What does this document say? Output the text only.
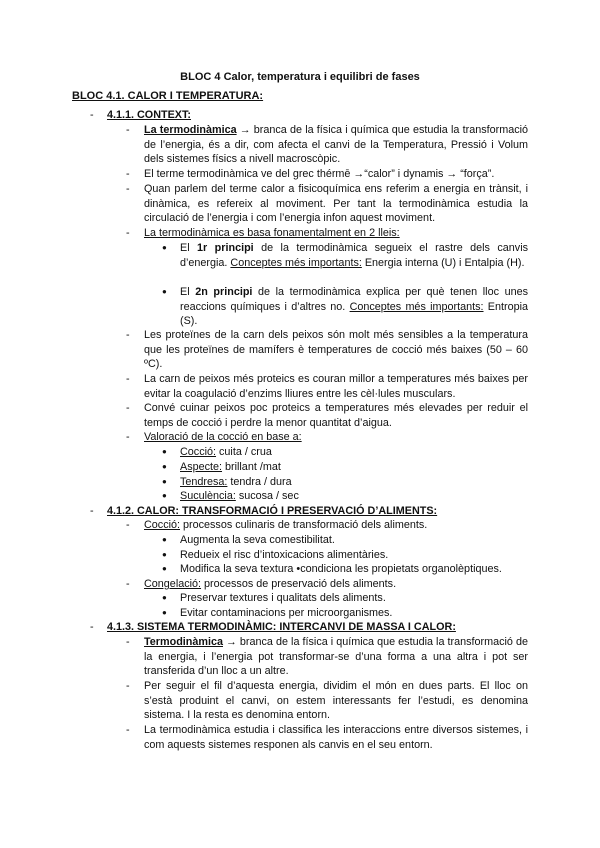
BLOC 4 Calor, temperatura i equilibri de fases
BLOC 4.1. CALOR I TEMPERATURA:
- 4.1.1. CONTEXT:
- La termodinàmica → branca de la física i química que estudia la transformació de l’energia, és a dir, com afecta el canvi de la Temperatura, Pressió i Volum dels sistemes físics a nivell macroscòpic.
- El terme termodinàmica ve del grec thérmē →“calor” i dynamis → “força”.
- Quan parlem del terme calor a fisicoquímica ens referim a energia en trànsit, i dinàmica, es refereix al moviment. Per tant la termodinàmica estudia la circulació de l’energia i com l’energia infon aquest moviment.
- La termodinàmica es basa fonamentalment en 2 lleis:
● El 1r principi de la termodinàmica segueix el rastre dels canvis d’energia. Conceptes més importants: Energia interna (U) i Entalpia (H).
● El 2n principi de la termodinàmica explica per què tenen lloc unes reaccions químiques i d’altres no. Conceptes més importants: Entropia (S).
- Les proteïnes de la carn dels peixos són molt més sensibles a la temperatura que les proteïnes de mamífers è temperatures de cocció més baixes (50 – 60 ºC).
- La carn de peixos més proteics es couran millor a temperatures més baixes per evitar la coagulació d’enzims lliures entre les cèl·lules musculars.
- Convé cuinar peixos poc proteics a temperatures més elevades per reduir el temps de cocció i perdre la menor quantitat d’aigua.
- Valoració de la cocció en base a:
● Cocció: cuita / crua
● Aspecte: brillant /mat
● Tendresa: tendra / dura
● Suculència: sucosa / sec
- 4.1.2. CALOR: TRANSFORMACIÓ I PRESERVACIÓ D’ALIMENTS:
- Cocció: processos culinaris de transformació dels aliments.
● Augmenta la seva comestibilitat.
● Redueix el risc d’intoxicacions alimentàries.
● Modifica la seva textura •condiciona les propietats organolèptiques.
- Congelació: processos de preservació dels aliments.
● Preservar textures i qualitats dels aliments.
● Evitar contaminacions per microorganismes.
- 4.1.3. SISTEMA TERMODINÀMIC: INTERCANVI DE MASSA I CALOR:
- Termodinàmica → branca de la física i química que estudia la transformació de la energia, i l’energia pot transformar-se d’una forma a una altra i pot ser transferida d’un lloc a un altre.
- Per seguir el fil d’aquesta energia, dividim el món en dues parts. El lloc on s’està produint el canvi, on estem interessants fer l’estudi, es denomina sistema. I la resta es denomina entorn.
- La termodinàmica estudia i classifica les interaccions entre diversos sistemes, i com aquests sistemes responen als canvis en el seu entorn.
